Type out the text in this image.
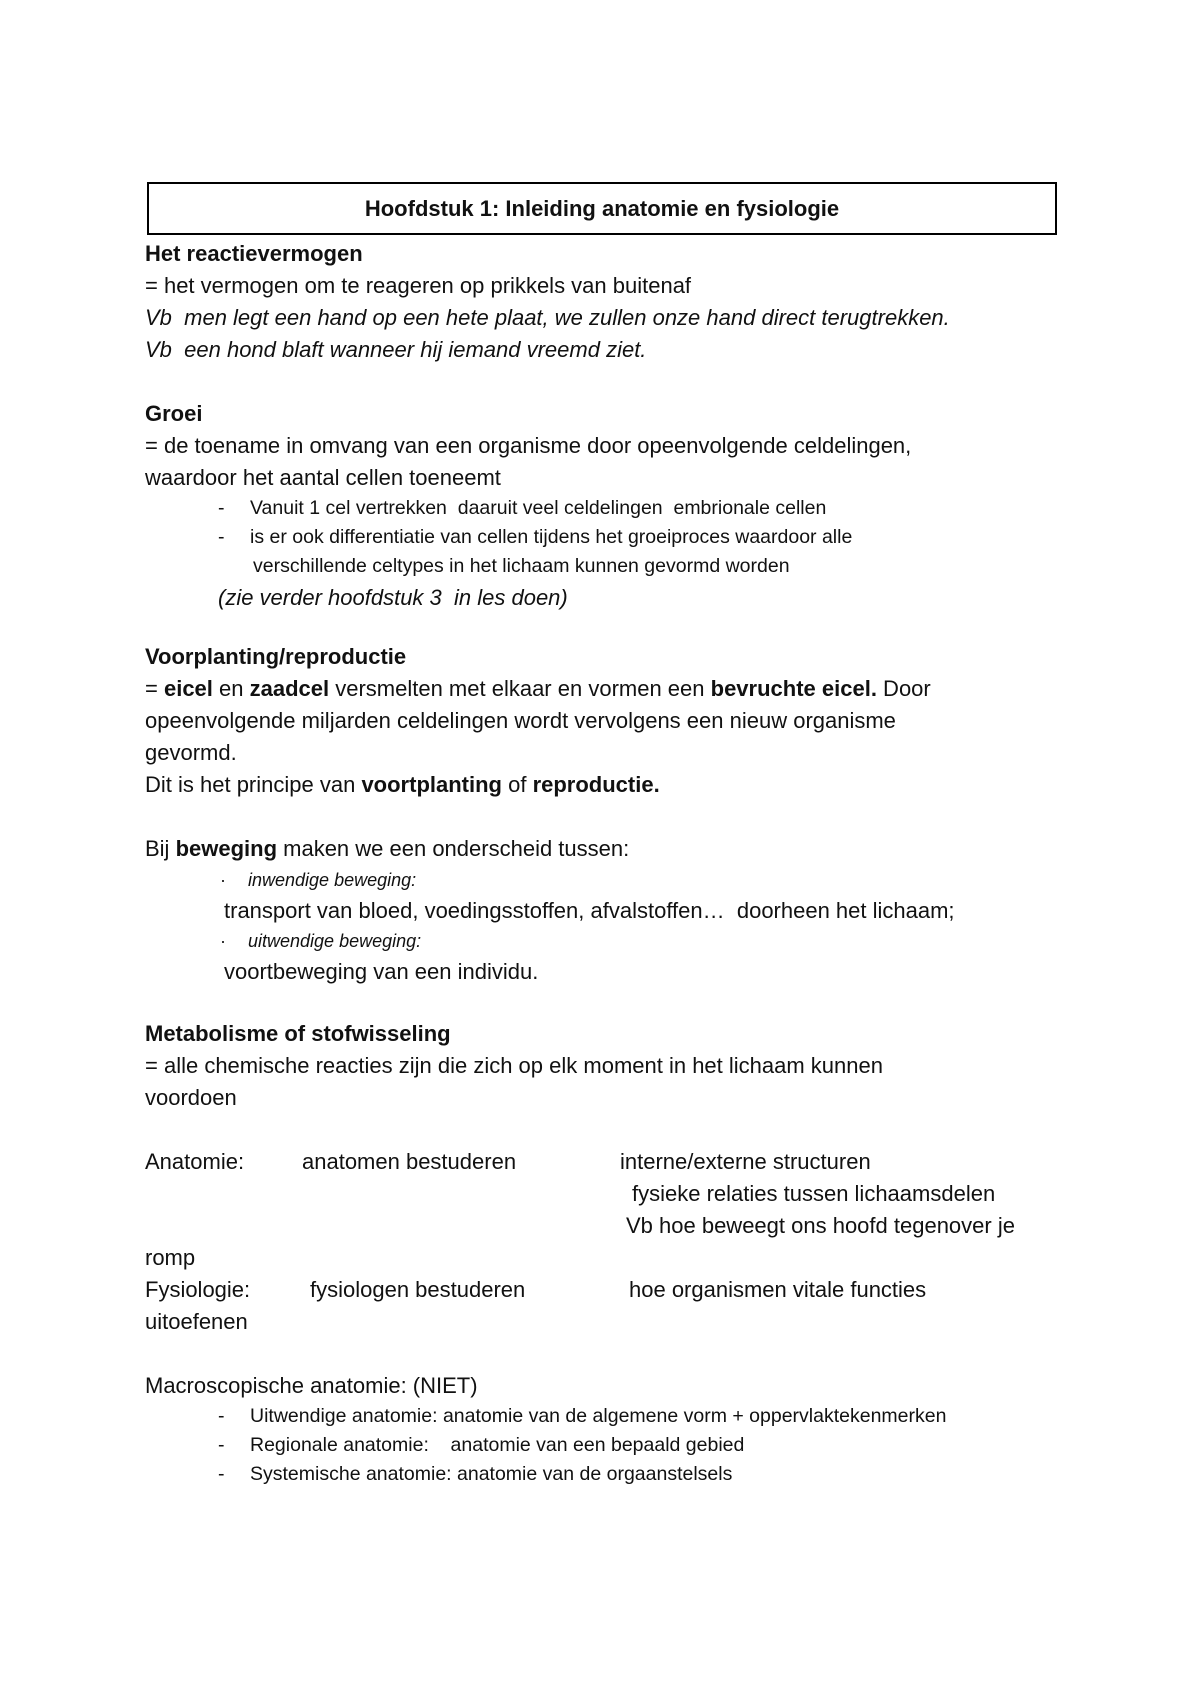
Hoofdstuk 1: Inleiding anatomie en fysiologie
Het reactievermogen
= het vermogen om te reageren op prikkels van buitenaf
Vb  men legt een hand op een hete plaat, we zullen onze hand direct terugtrekken.
Vb  een hond blaft wanneer hij iemand vreemd ziet.
Groei
= de toename in omvang van een organisme door opeenvolgende celdelingen,
waardoor het aantal cellen toeneemt
- Vanuit 1 cel vertrekken  daaruit veel celdelingen  embrionale cellen
- is er ook differentiatie van cellen tijdens het groeiproces waardoor alle
verschillende celtypes in het lichaam kunnen gevormd worden
(zie verder hoofdstuk 3  in les doen)
Voorplanting/reproductie
= eicel en zaadcel versmelten met elkaar en vormen een bevruchte eicel. Door
opeenvolgende miljarden celdelingen wordt vervolgens een nieuw organisme
gevormd.
Dit is het principe van voortplanting of reproductie.
Bij beweging maken we een onderscheid tussen:
· inwendige beweging:
transport van bloed, voedingsstoffen, afvalstoffen…  doorheen het lichaam;
· uitwendige beweging:
voortbeweging van een individu.
Metabolisme of stofwisseling
= alle chemische reacties zijn die zich op elk moment in het lichaam kunnen
voordoen
Anatomie:	anatomen bestuderen	interne/externe structuren
fysieke relaties tussen lichaamsdelen
Vb hoe beweegt ons hoofd tegenover je
romp
Fysiologie:	fysiologen bestuderen	hoe organismen vitale functies
uitoefenen
Macroscopische anatomie: (NIET)
- Uitwendige anatomie: anatomie van de algemene vorm + oppervlaktekenmerken
- Regionale anatomie:    anatomie van een bepaald gebied
- Systemische anatomie: anatomie van de orgaanstelsels
